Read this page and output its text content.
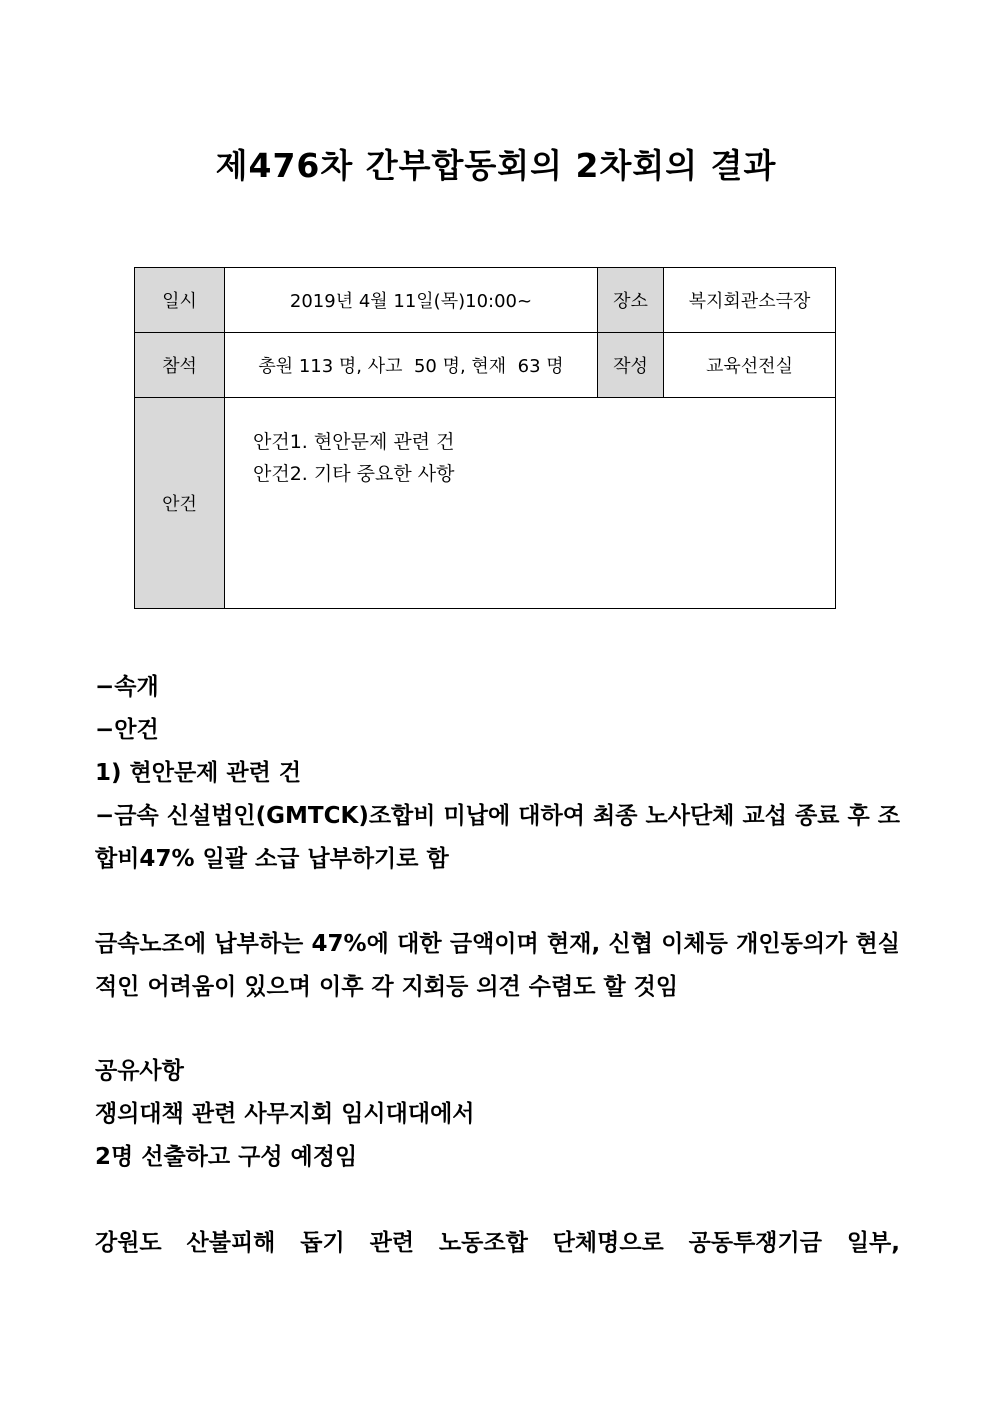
제476차 간부합동회의 2차회의 결과
일시	2019년 4월 11일(목)10:00~	장소	복지회관소극장
참석	총원 113 명, 사고  50 명, 현재  63 명	작성	교육선전실
안건	안건1. 현안문제 관련 건
안건2. 기타 중요한 사항		
−속개
−안건
1) 현안문제 관련 건
−금속 신설법인(GMTCK)조합비 미납에 대하여 최종 노사단체 교섭 종료 후 조합비47% 일괄 소급 납부하기로 함
금속노조에 납부하는 47%에 대한 금액이며 현재, 신협 이체등 개인동의가 현실적인 어려움이 있으며 이후 각 지회등 의견 수렴도 할 것임
공유사항
쟁의대책 관련 사무지회 임시대대에서
2명 선출하고 구성 예정임
강원도 산불피해 돕기 관련 노동조합 단체명으로 공동투쟁기금 일부,
